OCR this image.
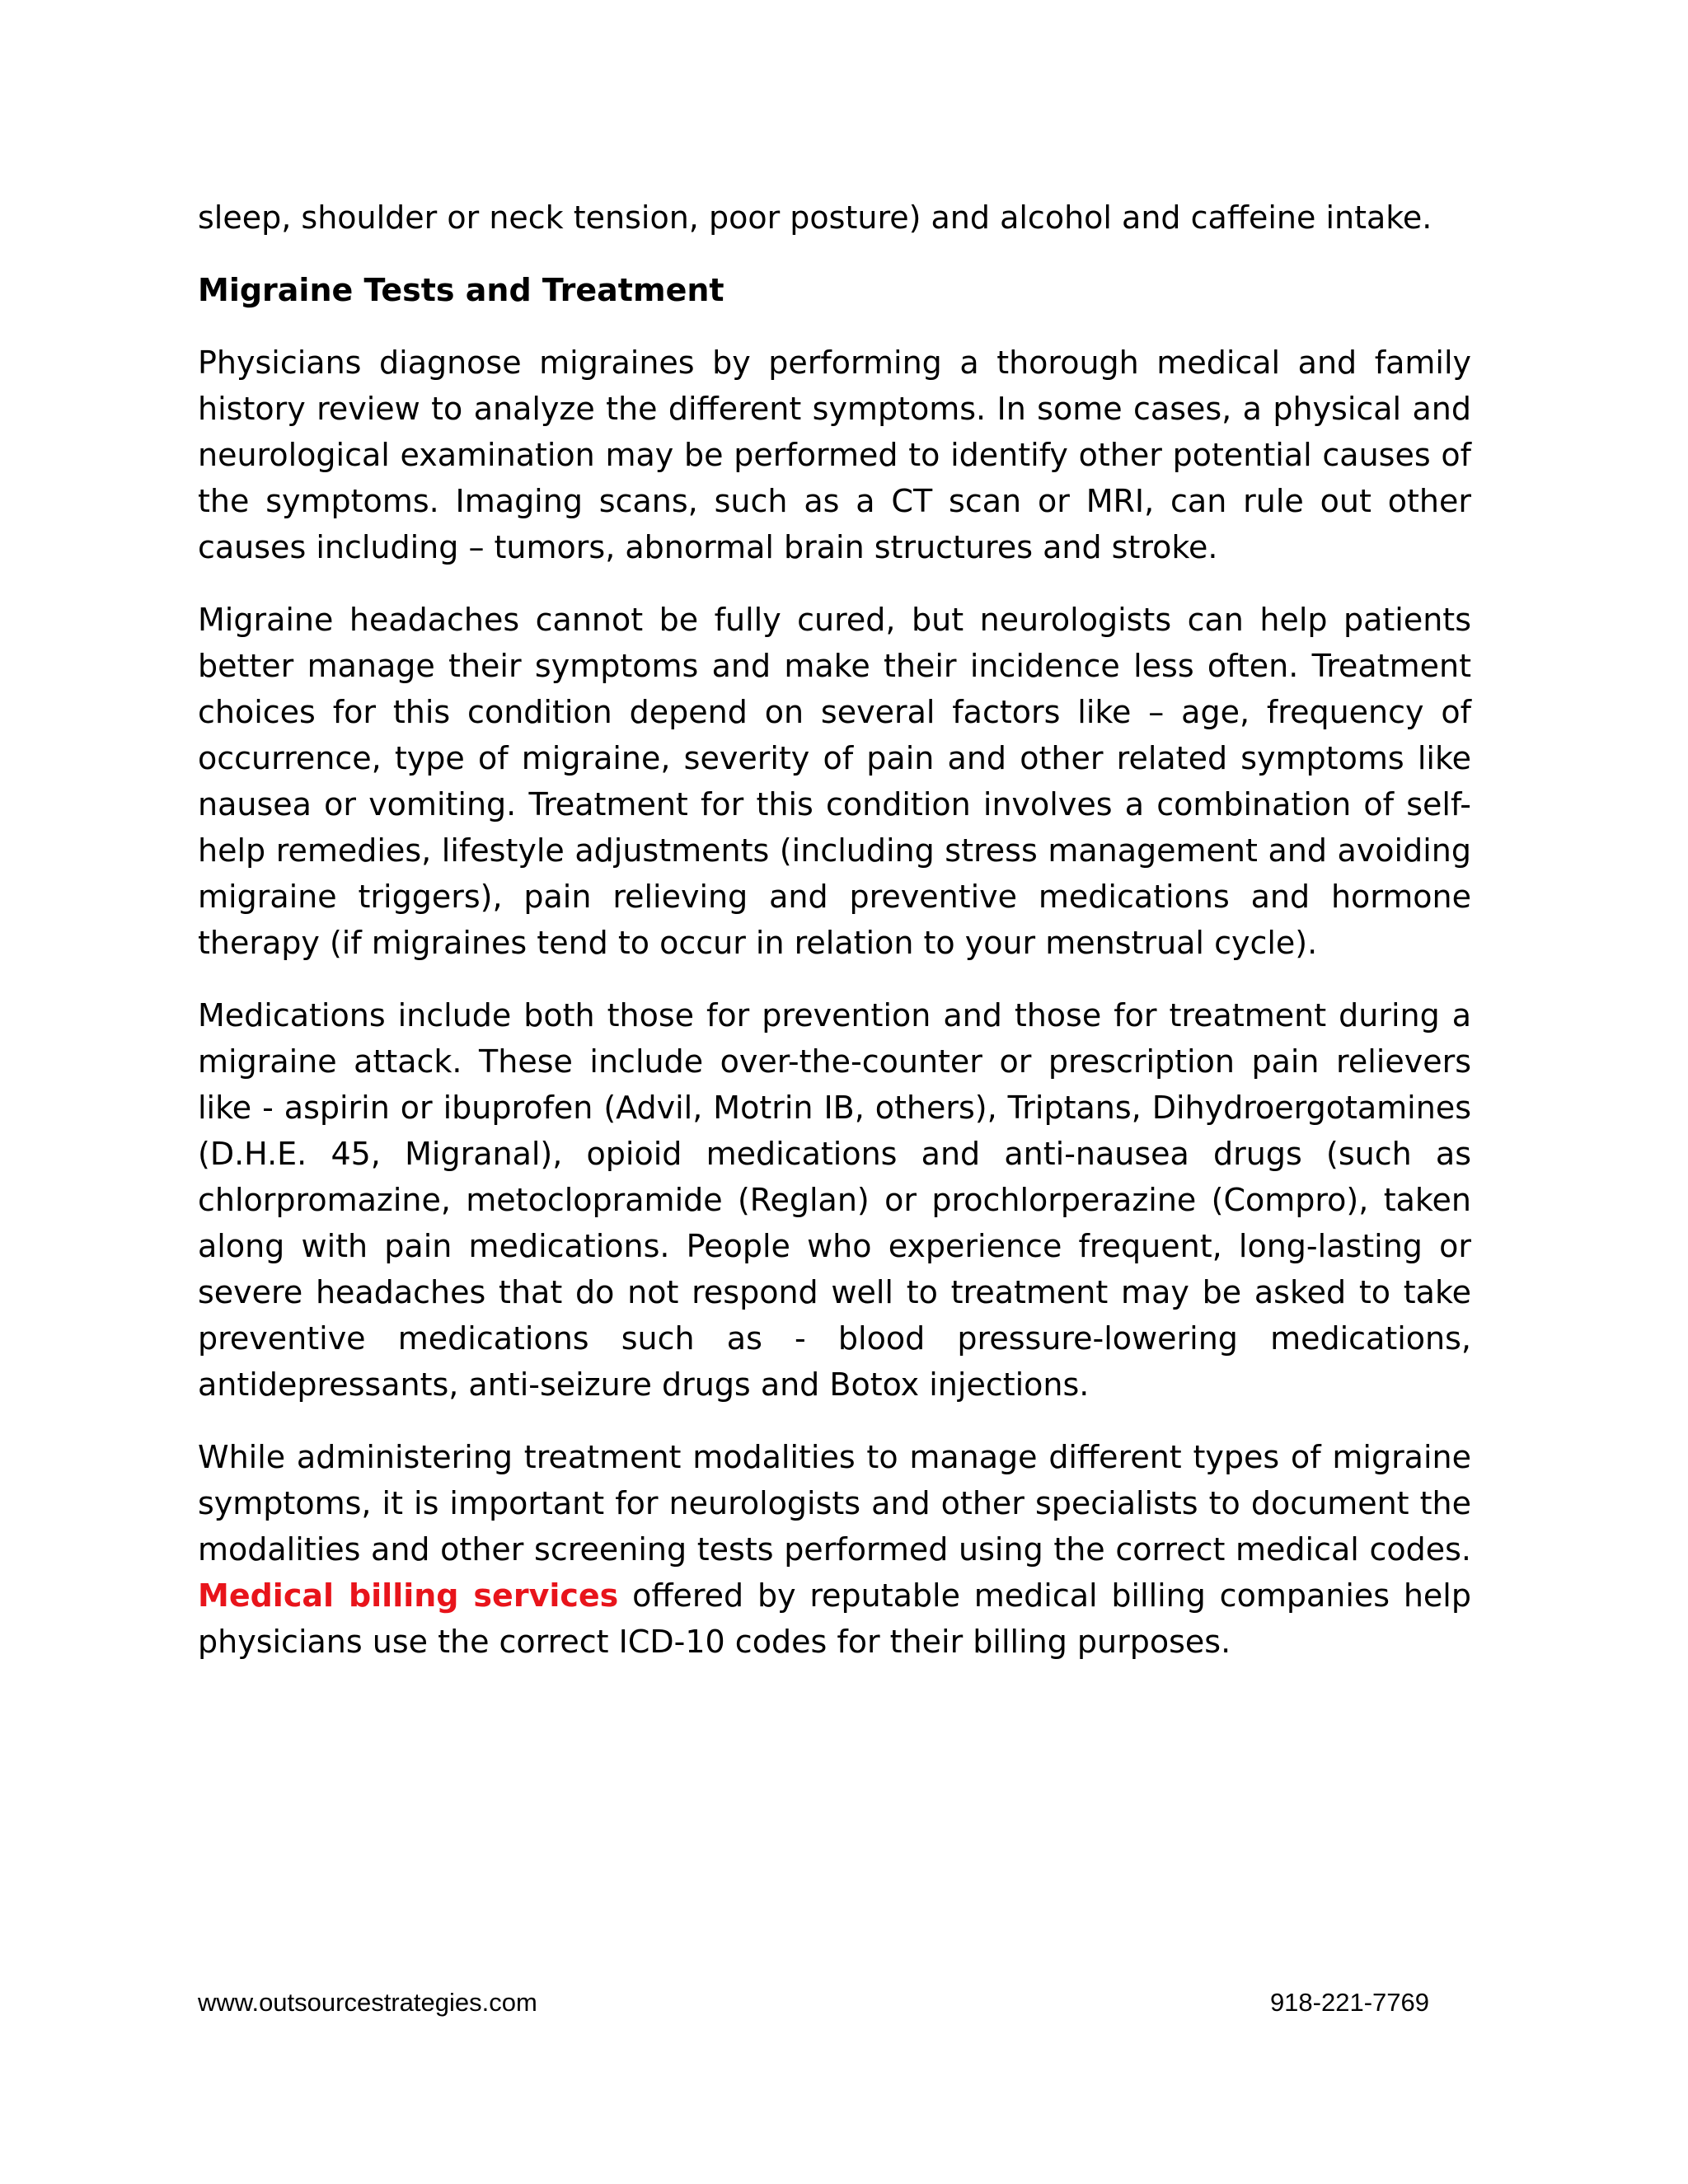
sleep, shoulder or neck tension, poor posture) and alcohol and caffeine intake.

Migraine Tests and Treatment

Physicians diagnose migraines by performing a thorough medical and family history review to analyze the different symptoms. In some cases, a physical and neurological examination may be performed to identify other potential causes of the symptoms. Imaging scans, such as a CT scan or MRI, can rule out other causes including – tumors, abnormal brain structures and stroke.

Migraine headaches cannot be fully cured, but neurologists can help patients better manage their symptoms and make their incidence less often. Treatment choices for this condition depend on several factors like – age, frequency of occurrence, type of migraine, severity of pain and other related symptoms like nausea or vomiting. Treatment for this condition involves a combination of self-help remedies, lifestyle adjustments (including stress management and avoiding migraine triggers), pain relieving and preventive medications and hormone therapy (if migraines tend to occur in relation to your menstrual cycle).

Medications include both those for prevention and those for treatment during a migraine attack. These include over-the-counter or prescription pain relievers like - aspirin or ibuprofen (Advil, Motrin IB, others), Triptans, Dihydroergotamines (D.H.E. 45, Migranal), opioid medications and anti-nausea drugs (such as chlorpromazine, metoclopramide (Reglan) or prochlorperazine (Compro), taken along with pain medications. People who experience frequent, long-lasting or severe headaches that do not respond well to treatment may be asked to take preventive medications such as - blood pressure-lowering medications, antidepressants, anti-seizure drugs and Botox injections.

While administering treatment modalities to manage different types of migraine symptoms, it is important for neurologists and other specialists to document the modalities and other screening tests performed using the correct medical codes. Medical billing services offered by reputable medical billing companies help physicians use the correct ICD-10 codes for their billing purposes.

www.outsourcestrategies.com	918-221-7769
